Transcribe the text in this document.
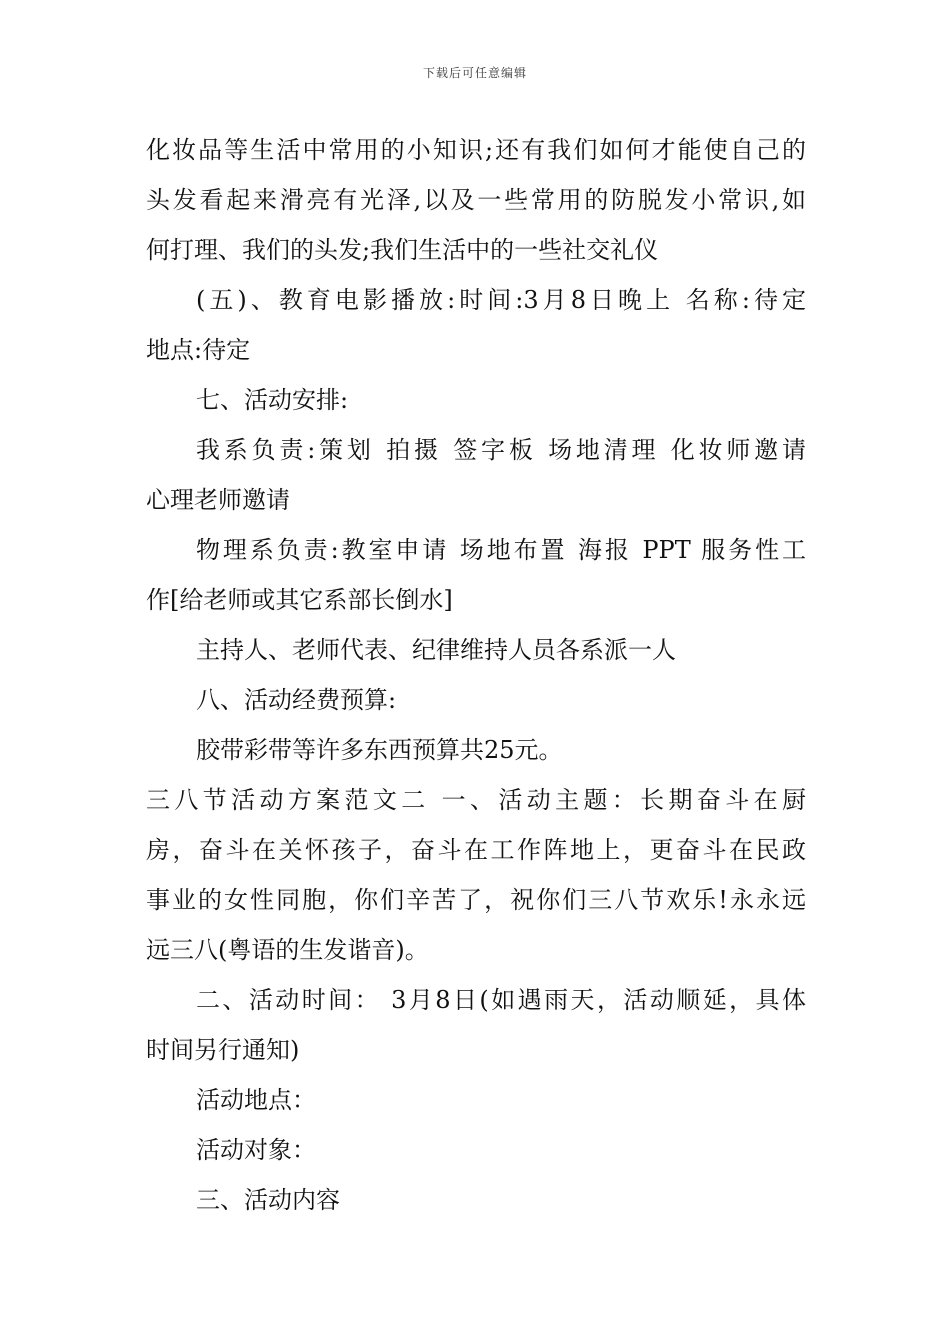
下载后可任意编辑
化妆品等生活中常用的小知识;还有我们如何才能使自己的
头发看起来滑亮有光泽,以及一些常用的防脱发小常识,如
何打理、我们的头发;我们生活中的一些社交礼仪
(五)、教育电影播放:时间:3月8日晚上 名称:待定
地点:待定
七、活动安排:
我系负责:策划 拍摄 签字板 场地清理 化妆师邀请
心理老师邀请
物理系负责:教室申请 场地布置 海报 PPT 服务性工
作[给老师或其它系部长倒水]
主持人、老师代表、纪律维持人员各系派一人
八、活动经费预算:
胶带彩带等许多东西预算共25元。
三八节活动方案范文二 一、活动主题：长期奋斗在厨
房，奋斗在关怀孩子，奋斗在工作阵地上，更奋斗在民政
事业的女性同胞，你们辛苦了，祝你们三八节欢乐!永永远
远三八(粤语的生发谐音)。
二、活动时间： 3月8日(如遇雨天，活动顺延，具体
时间另行通知)
活动地点：
活动对象：
三、活动内容
